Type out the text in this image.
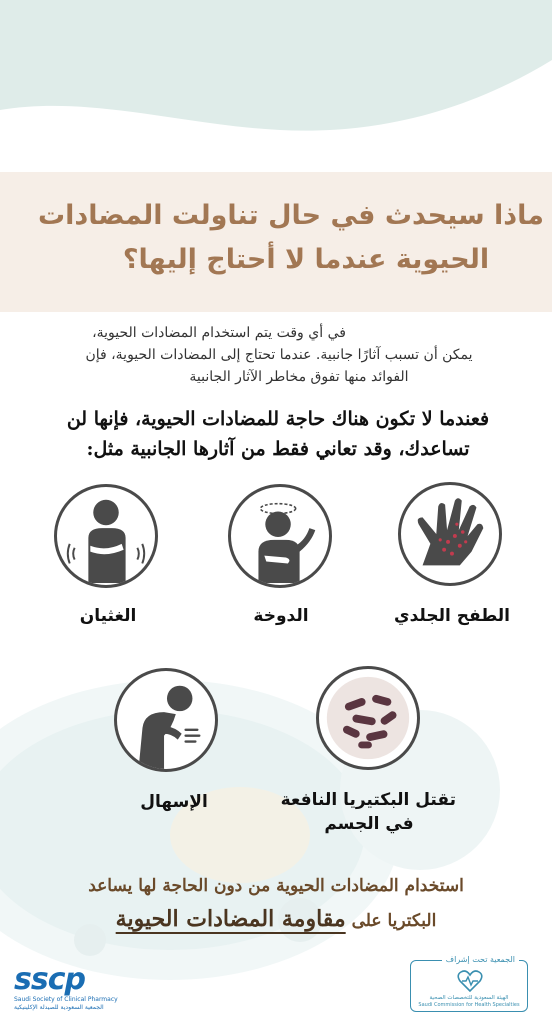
ماذا سيحدث في حال تناولت المضادات
الحيوية عندما لا أحتاج إليها؟
في أي وقت يتم استخدام المضادات الحيوية،
يمكن أن تسبب آثارًا جانبية. عندما تحتاج إلى المضادات الحيوية، فإن
الفوائد منها تفوق مخاطر الآثار الجانبية
فعندما لا تكون هناك حاجة للمضادات الحيوية، فإنها لن
تساعدك، وقد تعاني فقط من آثارها الجانبية مثل:
الطفح الجلدي
الدوخة
الغثيان
تقتل البكتيريا النافعة
في الجسم
الإسهال
استخدام المضادات الحيوية من دون الحاجة لها يساعد
البكتريا على مقاومة المضادات الحيوية
sscp
Saudi Society of Clinical Pharmacy
الجمعية السعودية للصيدلة الإكلينيكية
الجمعية تحت إشراف
الهيئة السعودية للتخصصات الصحية
Saudi Commission for Health Specialties
